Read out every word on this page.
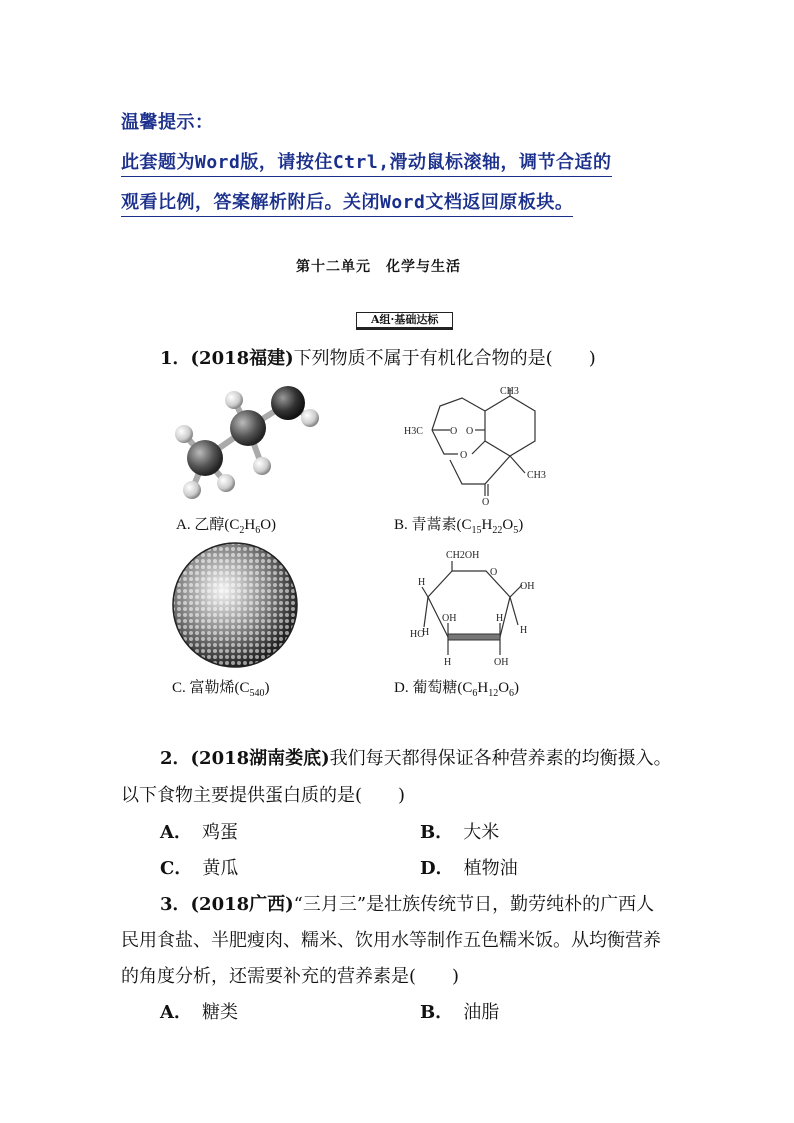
温馨提示：
此套题为Word版，请按住Ctrl,滑动鼠标滚轴，调节合适的
观看比例，答案解析附后。关闭Word文档返回原板块。
第十二单元　化学与生活
A组·基础达标
1．(2018福建)下列物质不属于有机化合物的是(　　)
A. 乙醇$(C_2H_6O)$
CH3
H3C	O O
O
O
CH3
B. 青蒿素$(C_{15}H_{22}O_5)$
C. 富勒烯$(C_{540})$
CH2OH
H
O
OH
H
OH	H
HO
H
H
OH
D. 葡萄糖$(C_6H_{12}O_6)$
2．(2018湖南娄底)我们每天都得保证各种营养素的均衡摄入。
以下食物主要提供蛋白质的是(　　)
A． 鸡蛋	B． 大米
C． 黄瓜	D． 植物油
3．(2018广西)“三月三”是壮族传统节日，勤劳纯朴的广西人
民用食盐、半肥瘦肉、糯米、饮用水等制作五色糯米饭。从均衡营养
的角度分析，还需要补充的营养素是(　　)
A． 糖类	B． 油脂
